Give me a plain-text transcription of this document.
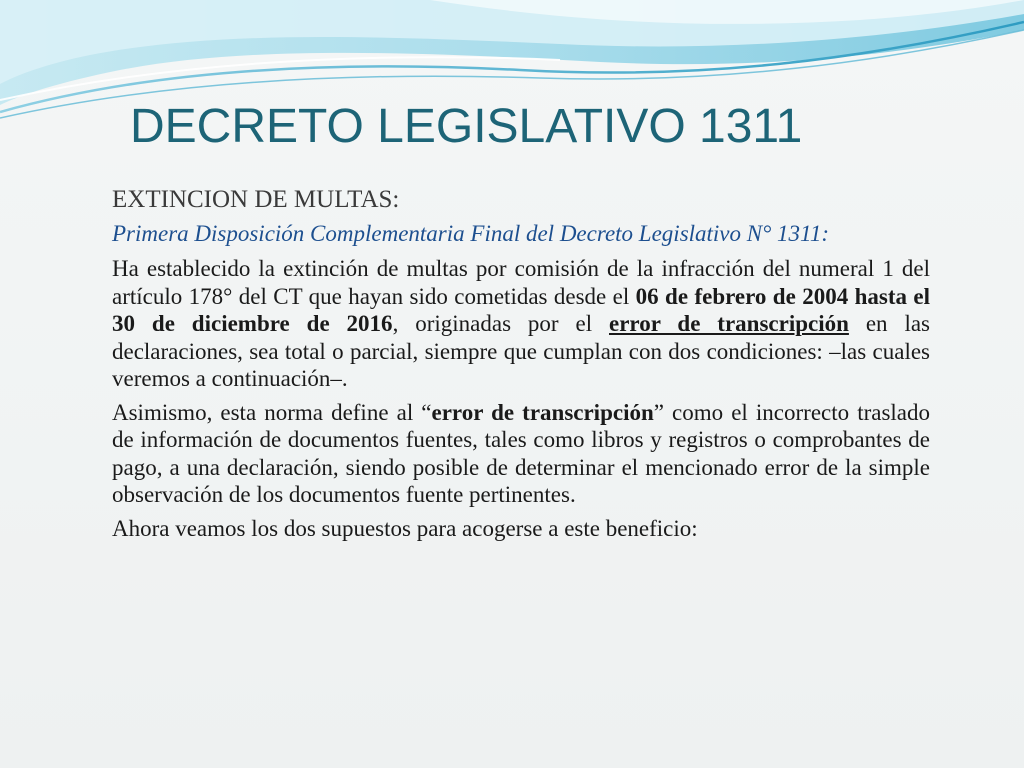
DECRETO LEGISLATIVO 1311

EXTINCION DE MULTAS:

Primera Disposición Complementaria Final del Decreto Legislativo N° 1311:

Ha establecido la extinción de multas por comisión de la infracción del numeral 1 del artículo 178° del CT que hayan sido cometidas desde el 06 de febrero de 2004 hasta el 30 de diciembre de 2016, originadas por el error de transcripción en las declaraciones, sea total o parcial, siempre que cumplan con dos condiciones: –las cuales veremos a continuación–.

Asimismo, esta norma define al “error de transcripción” como el incorrecto traslado de información de documentos fuentes, tales como libros y registros o comprobantes de pago, a una declaración, siendo posible de determinar el mencionado error de la simple observación de los documentos fuente pertinentes.

Ahora veamos los dos supuestos para acogerse a este beneficio:
